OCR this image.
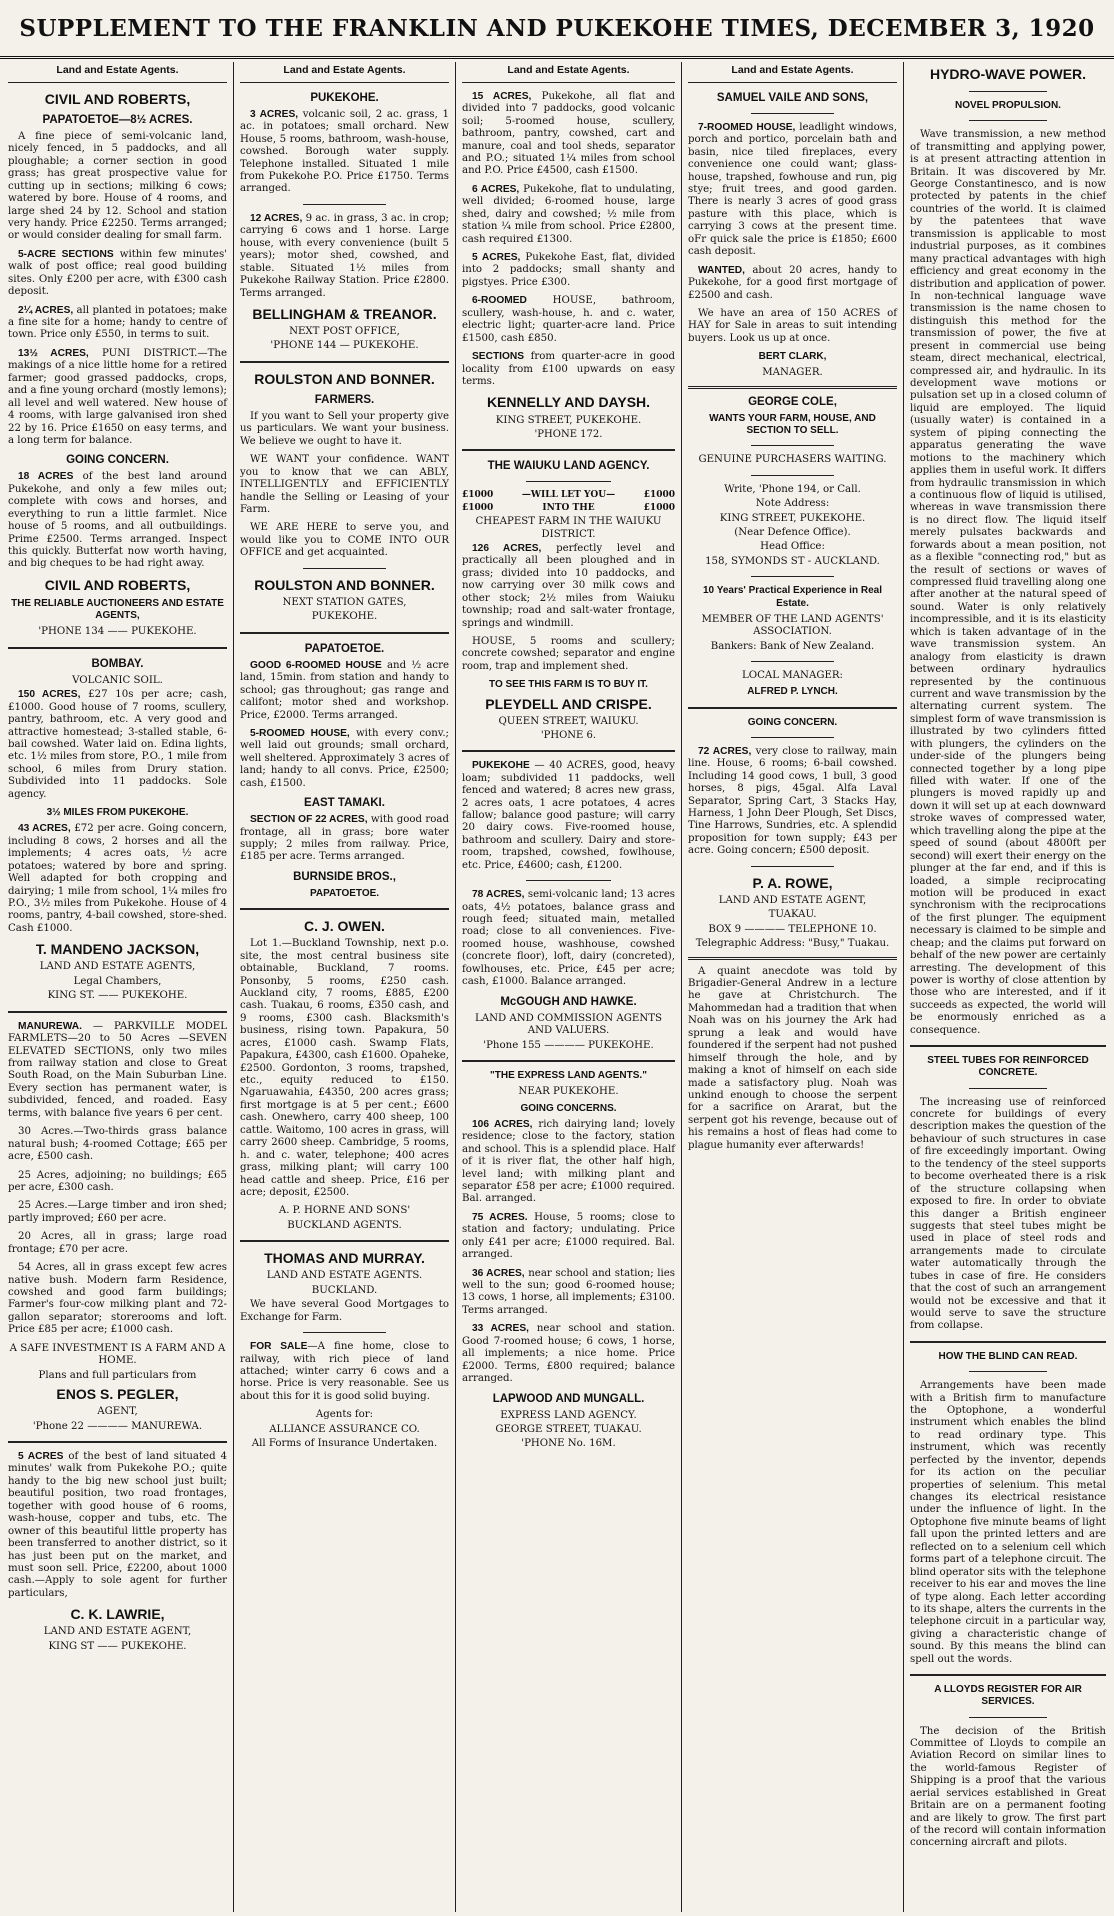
SUPPLEMENT TO THE FRANKLIN AND PUKEKOHE TIMES, DECEMBER 3, 1920
Land and Estate Agents.
CIVIL AND ROBERTS,
PAPATOETOE—8½ ACRES.

A fine piece of semi-volcanic land, nicely fenced, in 5 paddocks, and all ploughable; a corner section in good grass; has great prospective value for cutting up in sections; milking 6 cows; watered by bore. House of 4 rooms, and large shed 24 by 12. School and station very handy. Price £2250. Terms arranged; or would consider dealing for small farm.

5-ACRE SECTIONS within few minutes' walk of post office; real good building sites. Only £200 per acre, with £300 cash deposit.

2¼ ACRES, all planted in potatoes; make a fine site for a home; handy to centre of town. Price only £550, in terms to suit.

13½ ACRES, PUNI DISTRICT.—The makings of a nice little home for a retired farmer; good grassed paddocks, crops, and a fine young orchard (mostly lemons); all level and well watered. New house of 4 rooms, with large galvanised iron shed 22 by 16. Price £1650 on easy terms, and a long term for balance.

GOING CONCERN.

18 ACRES of the best land around Pukekohe, and only a few miles out; complete with cows and horses, and everything to run a little farmlet. Nice house of 5 rooms, and all outbuildings. Prime £2500. Terms arranged. Inspect this quickly. Butterfat now worth having, and big cheques to be had right away.

CIVIL AND ROBERTS,
THE RELIABLE AUCTIONEERS AND ESTATE AGENTS,
'PHONE 134 —— PUKEKOHE.
BOMBAY.
VOLCANIC SOIL.

150 ACRES, £27 10s per acre; cash, £1000. Good house of 7 rooms, scullery, pantry, bathroom, etc. A very good and attractive homestead; 3-stalled stable, 6-bail cowshed. Water laid on. Edina lights, etc. 1½ miles from store, P.O., 1 mile from school, 6 miles from Drury station. Subdivided into 11 paddocks. Sole agency.

3½ MILES FROM PUKEKOHE.

43 ACRES, £72 per acre. Going concern, including 8 cows, 2 horses and all the implements; 4 acres oats, ½ acre potatoes; watered by bore and spring. Well adapted for both cropping and dairying; 1 mile from school, 1¼ miles fro P.O., 3½ miles from Pukekohe. House of 4 rooms, pantry, 4-bail cowshed, store-shed. Cash £1000.

T. MANDENO JACKSON,
LAND AND ESTATE AGENTS,
Legal Chambers,
KING ST. —— PUKEKOHE.

MANUREWA. — PARKVILLE MODEL FARMLETS—20 to 50 Acres —SEVEN ELEVATED SECTIONS, only two miles from railway station and close to Great South Road, on the Main Suburban Line. Every section has permanent water, is subdivided, fenced, and roaded. Easy terms, with balance five years 6 per cent.

30 Acres.—Two-thirds grass balance natural bush; 4-roomed Cottage; £65 per acre, £500 cash.

25 Acres, adjoining; no buildings; £65 per acre, £300 cash.

25 Acres.—Large timber and iron shed; partly improved; £60 per acre.

20 Acres, all in grass; large road frontage; £70 per acre.

54 Acres, all in grass except few acres native bush. Modern farm Residence, cowshed and good farm buildings; Farmer's four-cow milking plant and 72-gallon separator; storerooms and loft. Price £85 per acre; £1000 cash.

A SAFE INVESTMENT IS A FARM AND A HOME.
Plans and full particulars from
ENOS S. PEGLER,
AGENT,
'Phone 22 ———— MANUREWA.

5 ACRES of the best of land situated 4 minutes' walk from Pukekohe P.O.; quite handy to the big new school just built; beautiful position, two road frontages, together with good house of 6 rooms, wash-house, copper and tubs, etc. The owner of this beautiful little property has been transferred to another district, so it has just been put on the market, and must soon sell. Price, £2200, about 1000 cash.—Apply to sole agent for further particulars,

C. K. LAWRIE,
LAND AND ESTATE AGENT,
KING ST —— PUKEKOHE.
Land and Estate Agents.
PUKEKOHE.

3 ACRES, volcanic soil, 2 ac. grass, 1 ac. in potatoes; small orchard. New House, 5 rooms, bathroom, wash-house, cowshed. Borough water supply. Telephone installed. Situated 1 mile from Pukekohe P.O. Price £1750. Terms arranged.

12 ACRES, 9 ac. in grass, 3 ac. in crop; carrying 6 cows and 1 horse. Large house, with every convenience (built 5 years); motor shed, cowshed, and stable. Situated 1½ miles from Pukekohe Railway Station. Price £2800. Terms arranged.

BELLINGHAM & TREANOR.
NEXT POST OFFICE,
'PHONE 144 — PUKEKOHE.
ROULSTON AND BONNER.
FARMERS.

If you want to Sell your property give us particulars. We want your business. We believe we ought to have it.

WE WANT your confidence. WANT you to know that we can ABLY, INTELLIGENTLY and EFFICIENTLY handle the Selling or Leasing of your Farm.

WE ARE HERE to serve you, and would like you to COME INTO OUR OFFICE and get acquainted.

ROULSTON AND BONNER.
NEXT STATION GATES,
PUKEKOHE.
PAPATOETOE.

GOOD 6-ROOMED HOUSE and ½ acre land, 15min. from station and handy to school; gas throughout; gas range and califont; motor shed and workshop. Price, £2000. Terms arranged.

5-ROOMED HOUSE, with every conv.; well laid out grounds; small orchard, well sheltered. Approximately 3 acres of land; handy to all convs. Price, £2500; cash, £1500.

EAST TAMAKI.

SECTION OF 22 ACRES, with good road frontage, all in grass; bore water supply; 2 miles from railway. Price, £185 per acre. Terms arranged.

BURNSIDE BROS.,
PAPATOETOE.
C. J. OWEN.

Lot 1.—Buckland Township, next p.o. site, the most central business site obtainable, Buckland, 7 rooms. Ponsonby, 5 rooms, £250 cash. Auckland city, 7 rooms, £885, £200 cash. Tuakau, 6 rooms, £350 cash, and 9 rooms, £300 cash. Blacksmith's business, rising town. Papakura, 50 acres, £1000 cash. Swamp Flats, Papakura, £4300, cash £1600. Opaheke, £2500. Gordonton, 3 rooms, trapshed, etc., equity reduced to £150. Ngaruawahia, £4350, 200 acres grass; first mortgage is at 5 per cent.; £600 cash. Onewhero, carry 400 sheep, 100 cattle. Waitomo, 100 acres in grass, will carry 2600 sheep. Cambridge, 5 rooms, h. and c. water, telephone; 400 acres grass, milking plant; will carry 100 head cattle and sheep. Price, £16 per acre; deposit, £2500.

A. P. HORNE AND SONS'
BUCKLAND AGENTS.
THOMAS AND MURRAY.
LAND AND ESTATE AGENTS.
BUCKLAND.

We have several Good Mortgages to Exchange for Farm.

FOR SALE—A fine home, close to railway, with rich piece of land attached; winter carry 6 cows and a horse. Price is very reasonable. See us about this for it is good solid buying.

Agents for:
ALLIANCE ASSURANCE CO.
All Forms of Insurance Undertaken.
Land and Estate Agents.

15 ACRES, Pukekohe, all flat and divided into 7 paddocks, good volcanic soil; 5-roomed house, scullery, bathroom, pantry, cowshed, cart and manure, coal and tool sheds, separator and P.O.; situated 1¼ miles from school and P.O. Price £4500, cash £1500.

6 ACRES, Pukekohe, flat to undulating, well divided; 6-roomed house, large shed, dairy and cowshed; ½ mile from station ¼ mile from school. Price £2800, cash required £1300.

5 ACRES, Pukekohe East, flat, divided into 2 paddocks; small shanty and pigstyes. Price £300.

6-ROOMED	HOUSE, bathroom, scullery, wash-house, h. and c. water, electric light; quarter-acre land. Price £1500, cash £850.

SECTIONS from quarter-acre in good locality from £100 upwards on easy terms.

KENNELLY AND DAYSH.
KING STREET, PUKEKOHE.
'PHONE 172.
THE WAIUKU LAND AGENCY.
£1000	—WILL LET YOU—	£1000
£1000	INTO THE	£1000
CHEAPEST FARM IN THE WAIUKU DISTRICT.

126 ACRES, perfectly level and practically all been ploughed and in grass; divided into 10 paddocks, and now carrying over 30 milk cows and other stock; 2½ miles from Waiuku township; road and salt-water frontage, springs and windmill.

HOUSE, 5 rooms and scullery; concrete cowshed; separator and engine room, trap and implement shed.

TO SEE THIS FARM IS TO BUY IT.
PLEYDELL AND CRISPE.
QUEEN STREET, WAIUKU.
'PHONE 6.

PUKEKOHE — 40 ACRES, good, heavy loam; subdivided 11 paddocks, well fenced and watered; 8 acres new grass, 2 acres oats, 1 acre potatoes, 4 acres fallow; balance good pasture; will carry 20 dairy cows. Five-roomed house, bathroom and scullery. Dairy and store-room, trapshed, cowshed, fowlhouse, etc. Price, £4600; cash, £1200.

78 ACRES, semi-volcanic land; 13 acres oats, 4½ potatoes, balance grass and rough feed; situated main, metalled road; close to all conveniences. Five-roomed house, washhouse, cowshed (concrete floor), loft, dairy (concreted), fowlhouses, etc. Price, £45 per acre; cash, £1000. Balance arranged.

McGOUGH AND HAWKE.
LAND AND COMMISSION AGENTS AND VALUERS.
'Phone 155 ———— PUKEKOHE.
"THE EXPRESS LAND AGENTS."
NEAR PUKEKOHE.
GOING CONCERNS.

106 ACRES, rich dairying land; lovely residence; close to the factory, station and school. This is a splendid place. Half of it is river flat, the other half high, level land; with milking plant and separator £58 per acre; £1000 required. Bal. arranged.

75 ACRES. House, 5 rooms; close to station and factory; undulating. Price only £41 per acre; £1000 required. Bal. arranged.

36 ACRES, near school and station; lies well to the sun; good 6-roomed house; 13 cows, 1 horse, all implements; £3100. Terms arranged.

33 ACRES, near school and station. Good 7-roomed house; 6 cows, 1 horse, all implements; a nice home. Price £2000. Terms, £800 required; balance arranged.

LAPWOOD AND MUNGALL.
EXPRESS LAND AGENCY.
GEORGE STREET, TUAKAU.
'PHONE No. 16M.
Land and Estate Agents.
SAMUEL VAILE AND SONS,

7-ROOMED HOUSE, leadlight windows, porch and portico, porcelain bath and basin, nice tiled fireplaces, every convenience one could want; glass-house, trapshed, fowhouse and run, pig stye; fruit trees, and good garden. There is nearly 3 acres of good grass pasture with this place, which is carrying 3 cows at the present time. oFr quick sale the price is £1850; £600 cash deposit.

WANTED, about 20 acres, handy to Pukekohe, for a good first mortgage of £2500 and cash.

We have an area of 150 ACRES of HAY for Sale in areas to suit intending buyers. Look us up at once.

BERT CLARK,
MANAGER.
GEORGE COLE,
WANTS YOUR FARM, HOUSE, AND SECTION TO SELL.
GENUINE PURCHASERS WAITING.
Write, 'Phone 194, or Call.
Note Address:
KING STREET, PUKEKOHE.
(Near Defence Office).
Head Office:
158, SYMONDS ST - AUCKLAND.
10 Years' Practical Experience in Real Estate.
MEMBER OF THE LAND AGENTS' ASSOCIATION.
Bankers: Bank of New Zealand.
LOCAL MANAGER:
ALFRED P. LYNCH.
GOING CONCERN.

72 ACRES, very close to railway, main line. House, 6 rooms; 6-bail cowshed. Including 14 good cows, 1 bull, 3 good horses, 8 pigs, 45gal. Alfa Laval Separator, Spring Cart, 3 Stacks Hay, Harness, 1 John Deer Plough, Set Discs, Tine Harrows, Sundries, etc. A splendid proposition for town supply; £43 per acre. Going concern; £500 deposit.

P. A. ROWE,
LAND AND ESTATE AGENT,
TUAKAU.
BOX 9 ———— TELEPHONE 10.
Telegraphic Address: "Busy," Tuakau.

A quaint anecdote was told by Brigadier-General Andrew in a lecture he gave at Christchurch. The Mahommedan had a tradition that when Noah was on his journey the Ark had sprung a leak and would have foundered if the serpent had not pushed himself through the hole, and by making a knot of himself on each side made a satisfactory plug. Noah was unkind enough to choose the serpent for a sacrifice on Ararat, but the serpent got his revenge, because out of his remains a host of fleas had come to plague humanity ever afterwards!

HYDRO-WAVE POWER.
NOVEL PROPULSION.

Wave transmission, a new method of transmitting and applying power, is at present attracting attention in Britain. It was discovered by Mr. George Constantinesco, and is now protected by patents in the chief countries of the world. It is claimed by the patentees that wave transmission is applicable to most industrial purposes, as it combines many practical advantages with high efficiency and great economy in the distribution and application of power. In non-technical language wave transmission is the name chosen to distinguish this method for the transmission of power, the five at present in commercial use being steam, direct mechanical, electrical, compressed air, and hydraulic. In its development wave motions or pulsation set up in a closed column of liquid are employed. The liquid (usually water) is contained in a system of piping connecting the apparatus generating the wave motions to the machinery which applies them in useful work. It differs from hydraulic transmission in which a continuous flow of liquid is utilised, whereas in wave transmission there is no direct flow. The liquid itself merely pulsates backwards and forwards about a mean position, not as a flexible "connecting rod," but as the result of sections or waves of compressed fluid travelling along one after another at the natural speed of sound. Water is only relatively incompressible, and it is its elasticity which is taken advantage of in the wave transmission system. An analogy from elasticity is drawn between ordinary hydraulics represented by the continuous current and wave transmission by the alternating current system. The simplest form of wave transmission is illustrated by two cylinders fitted with plungers, the cylinders on the under-side of the plungers being connected together by a long pipe filled with water. If one of the plungers is moved rapidly up and down it will set up at each downward stroke waves of compressed water, which travelling along the pipe at the speed of sound (about 4800ft per second) will exert their energy on the plunger at the far end, and if this is loaded, a simple reciprocating motion will be produced in exact synchronism with the reciprocations of the first plunger. The equipment necessary is claimed to be simple and cheap; and the claims put forward on behalf of the new power are certainly arresting. The development of this power is worthy of close attention by those who are interested, and if it succeeds as expected, the world will be enormously enriched as a consequence.

STEEL TUBES FOR REINFORCED CONCRETE.

The increasing use of reinforced concrete for buildings of every description makes the question of the behaviour of such structures in case of fire exceedingly important. Owing to the tendency of the steel supports to become overheated there is a risk of the structure collapsing when exposed to fire. In order to obviate this danger a British engineer suggests that steel tubes might be used in place of steel rods and arrangements made to circulate water automatically through the tubes in case of fire. He considers that the cost of such an arrangement would not be excessive and that it would serve to save the structure from collapse.

HOW THE BLIND CAN READ.

Arrangements have been made with a British firm to manufacture the Optophone, a wonderful instrument which enables the blind to read ordinary type. This instrument, which was recently perfected by the inventor, depends for its action on the peculiar properties of selenium. This metal changes its electrical resistance under the influence of light. In the Optophone five minute beams of light fall upon the printed letters and are reflected on to a selenium cell which forms part of a telephone circuit. The blind operator sits with the telephone receiver to his ear and moves the line of type along. Each letter according to its shape, alters the currents in the telephone circuit in a particular way, giving a characteristic change of sound. By this means the blind can spell out the words.

A LLOYDS REGISTER FOR AIR SERVICES.

The decision of the British Committee of Lloyds to compile an Aviation Record on similar lines to the world-famous Register of Shipping is a proof that the various aerial services established in Great Britain are on a permanent footing and are likely to grow. The first part of the record will contain information concerning aircraft and pilots.
